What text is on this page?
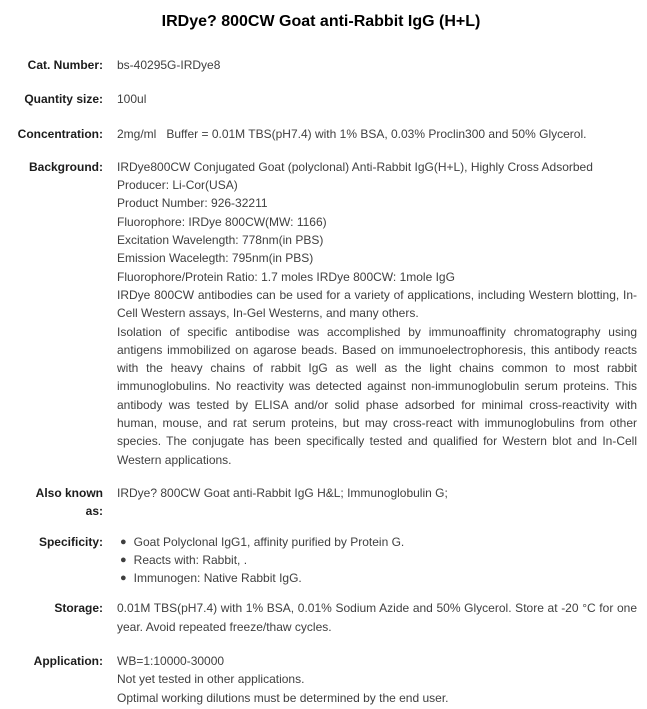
IRDye? 800CW Goat anti-Rabbit IgG (H+L)
Cat. Number: bs-40295G-IRDye8
Quantity size: 100ul
Concentration: 2mg/ml   Buffer = 0.01M TBS(pH7.4) with 1% BSA, 0.03% Proclin300 and 50% Glycerol.
Background: IRDye800CW Conjugated Goat (polyclonal) Anti-Rabbit IgG(H+L), Highly Cross Adsorbed
Producer: Li-Cor(USA)
Product Number: 926-32211
Fluorophore: IRDye 800CW(MW: 1166)
Excitation Wavelength: 778nm(in PBS)
Emission Wacelegth: 795nm(in PBS)
Fluorophore/Protein Ratio: 1.7 moles IRDye 800CW: 1mole IgG
IRDye 800CW antibodies can be used for a variety of applications, including Western blotting, In-Cell Western assays, In-Gel Westerns, and many others.
Isolation of specific antibodise was accomplished by immunoaffinity chromatography using antigens immobilized on agarose beads. Based on immunoelectrophoresis, this antibody reacts with the heavy chains of rabbit IgG as well as the light chains common to most rabbit immunoglobulins. No reactivity was detected against non-immunoglobulin serum proteins. This antibody was tested by ELISA and/or solid phase adsorbed for minimal cross-reactivity with human, mouse, and rat serum proteins, but may cross-react with immunoglobulins from other species. The conjugate has been specifically tested and qualified for Western blot and In-Cell Western applications.
Also known as:
IRDye? 800CW Goat anti-Rabbit IgG H&L; Immunoglobulin G;
Specificity: ● Goat Polyclonal IgG1, affinity purified by Protein G.
● Reacts with: Rabbit, .
● Immunogen: Native Rabbit IgG.
Storage: 0.01M TBS(pH7.4) with 1% BSA, 0.01% Sodium Azide and 50% Glycerol. Store at -20 °C for one year. Avoid repeated freeze/thaw cycles.
Application: WB=1:10000-30000
Not yet tested in other applications.
Optimal working dilutions must be determined by the end user.
